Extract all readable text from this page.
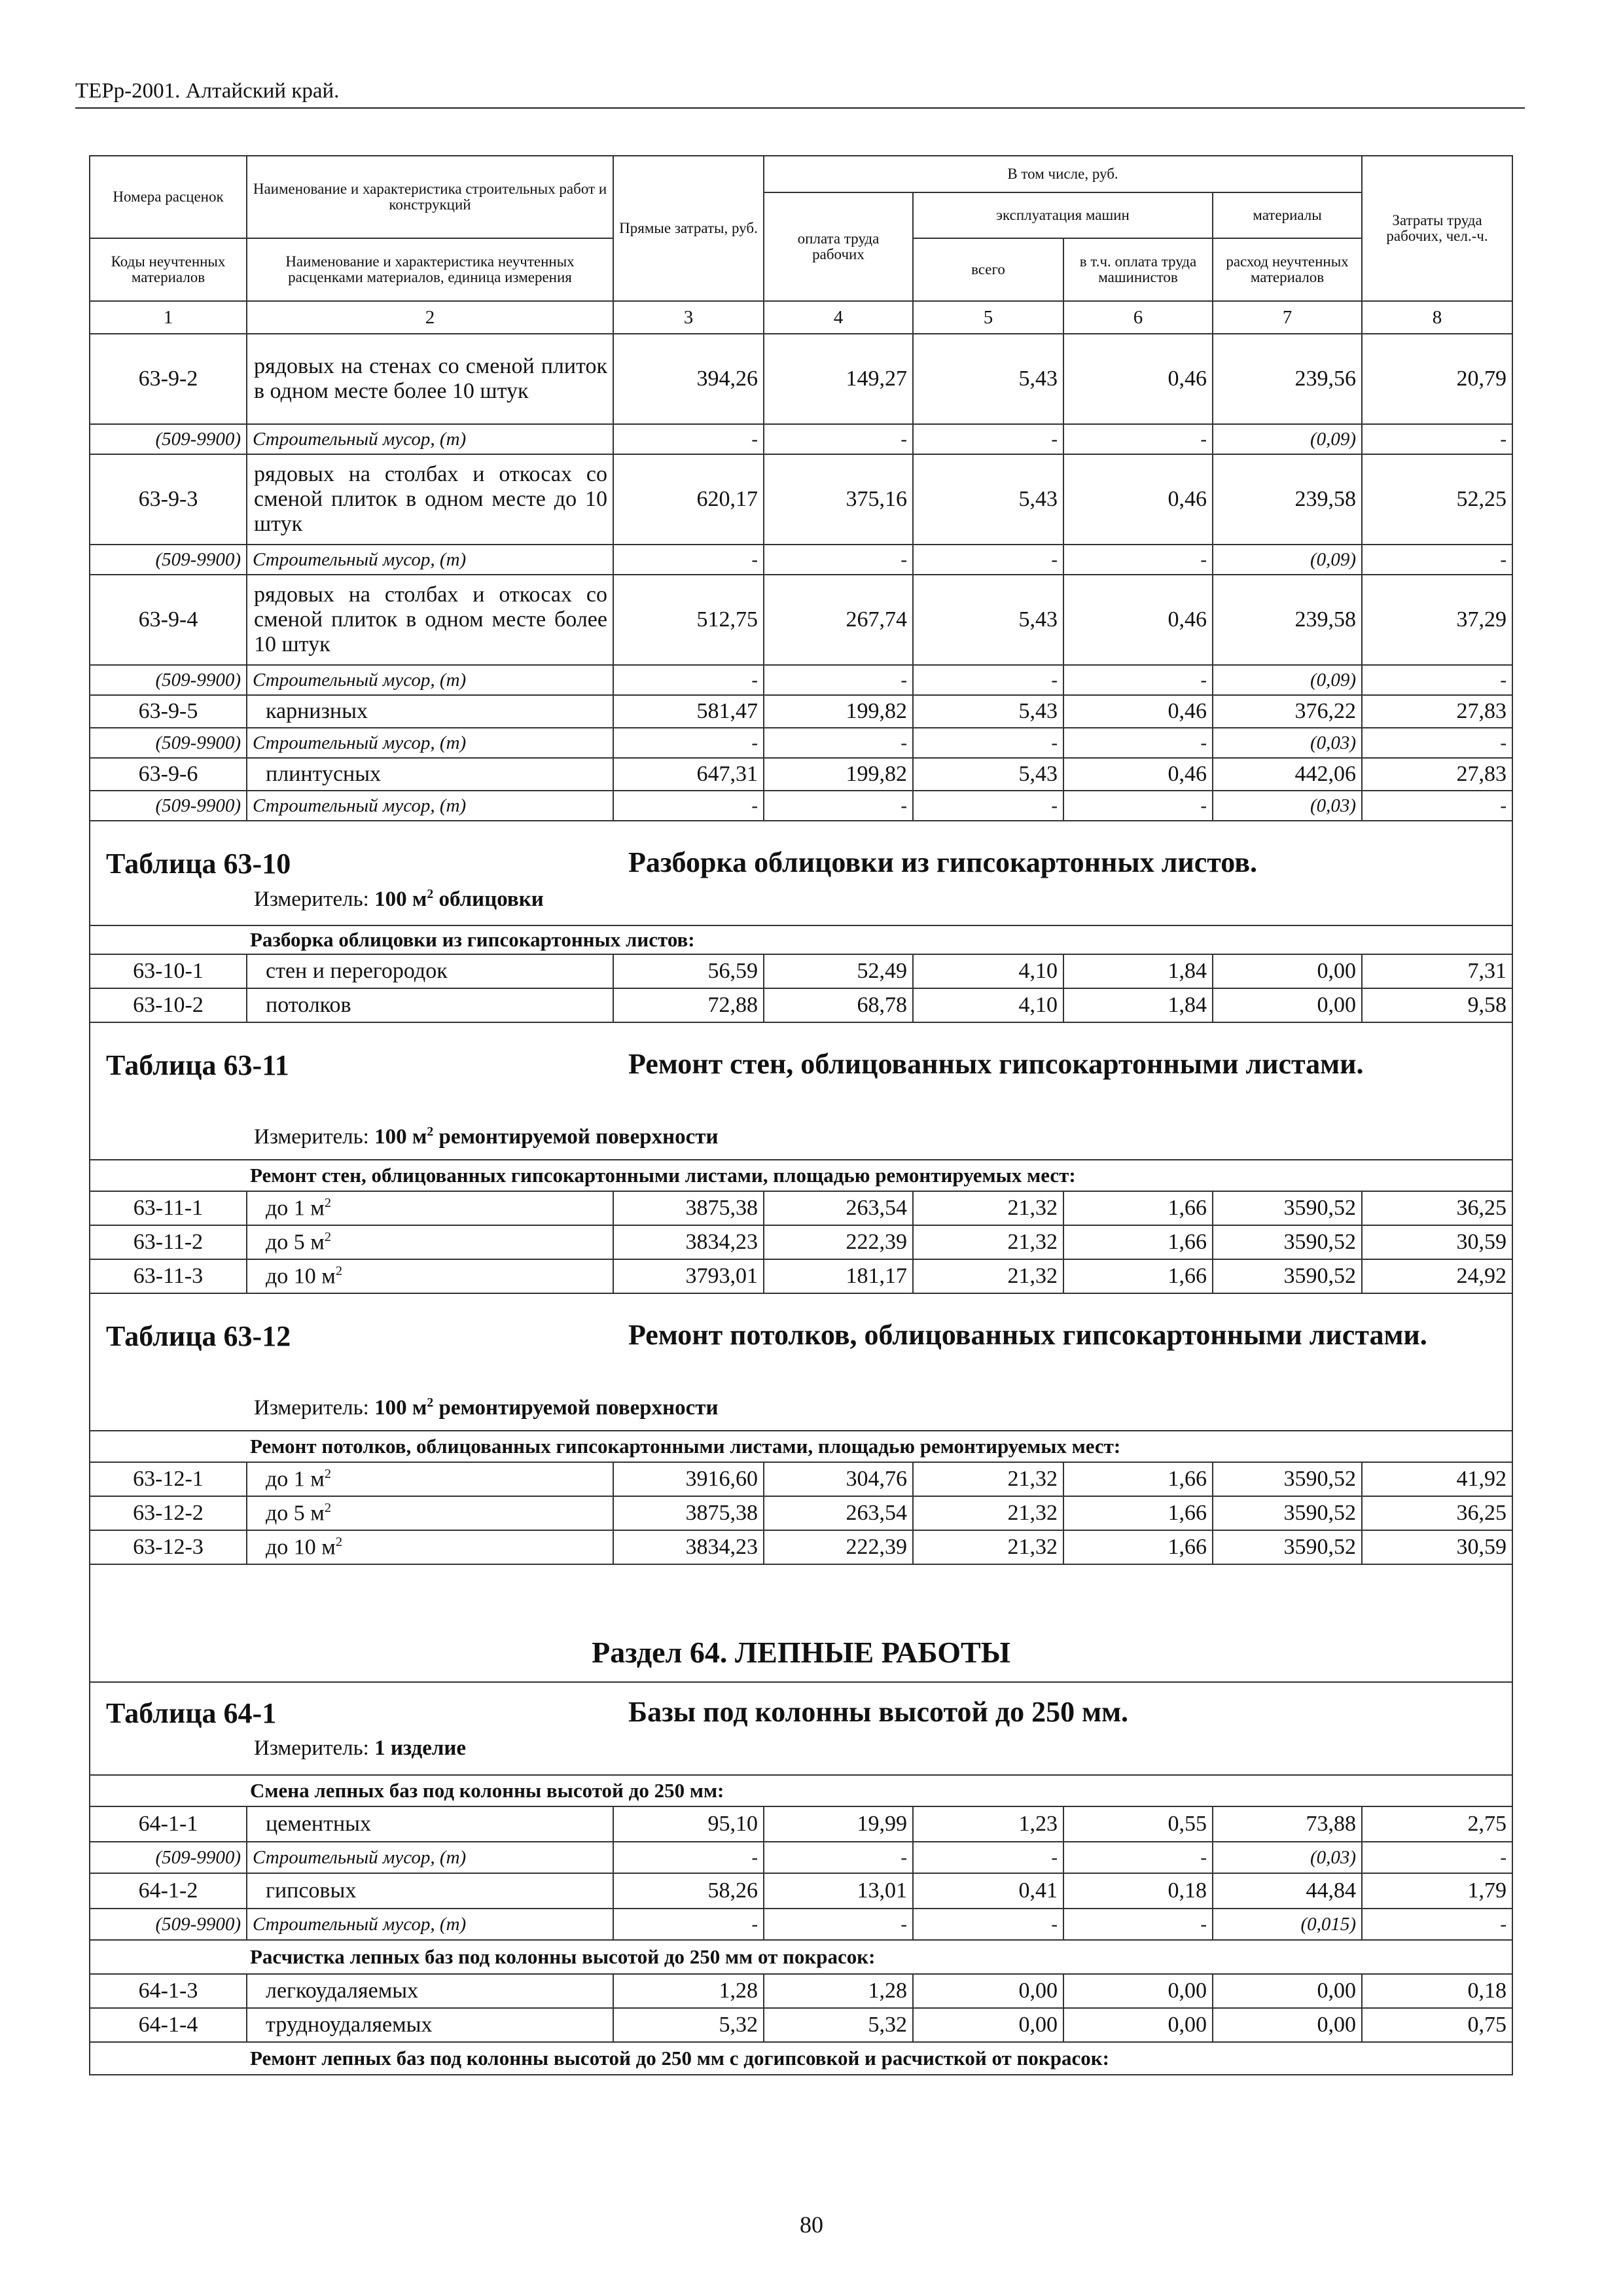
ТЕРр-2001. Алтайский край.
Номера расценок	Наименование и характеристика строительных работ и конструкций	Прямые затраты, руб.	В том числе, руб.				Затраты труда рабочих, чел.-ч.
			оплата труда рабочих	эксплуатация машин		материалы	
Коды неучтенных материалов	Наименование и характеристика неучтенных расценками материалов, единица измерения			всего	в т.ч. оплата труда машинистов	расход неучтенных материалов	
1	2	3	4	5	6	7	8
63-9-2	рядовых на стенах со сменой плиток в одном месте более 10 штук	394,26	149,27	5,43	0,46	239,56	20,79
(509-9900)	Строительный мусор, (т)	-	-	-	-	(0,09)	-
63-9-3	рядовых на столбах и откосах со сменой плиток в одном месте до 10 штук	620,17	375,16	5,43	0,46	239,58	52,25
(509-9900)	Строительный мусор, (т)	-	-	-	-	(0,09)	-
63-9-4	рядовых на столбах и откосах со сменой плиток в одном месте более 10 штук	512,75	267,74	5,43	0,46	239,58	37,29
(509-9900)	Строительный мусор, (т)	-	-	-	-	(0,09)	-
63-9-5	карнизных	581,47	199,82	5,43	0,46	376,22	27,83
(509-9900)	Строительный мусор, (т)	-	-	-	-	(0,03)	-
63-9-6	плинтусных	647,31	199,82	5,43	0,46	442,06	27,83
(509-9900)	Строительный мусор, (т)	-	-	-	-	(0,03)	-

Таблица 63-10 Разборка облицовки из гипсокартонных листов.
Измеритель: 100 $м^2$ облицовки							

Разборка облицовки из гипсокартонных листов:							
63-10-1	стен и перегородок	56,59	52,49	4,10	1,84	0,00	7,31
63-10-2	потолков	72,88	68,78	4,10	1,84	0,00	9,58

Таблица 63-11 Ремонт стен, облицованных гипсокартонными листами.
Измеритель: 100 $м^2$ ремонтируемой поверхности							

Ремонт стен, облицованных гипсокартонными листами, площадью ремонтируемых мест:							
63-11-1	до 1 $м^2$	3875,38	263,54	21,32	1,66	3590,52	36,25
63-11-2	до 5 $м^2$	3834,23	222,39	21,32	1,66	3590,52	30,59
63-11-3	до 10 $м^2$	3793,01	181,17	21,32	1,66	3590,52	24,92

Таблица 63-12 Ремонт потолков, облицованных гипсокартонными листами.
Измеритель: 100 $м^2$ ремонтируемой поверхности							

Ремонт потолков, облицованных гипсокартонными листами, площадью ремонтируемых мест:							
63-12-1	до 1 $м^2$	3916,60	304,76	21,32	1,66	3590,52	41,92
63-12-2	до 5 $м^2$	3875,38	263,54	21,32	1,66	3590,52	36,25
63-12-3	до 10 $м^2$	3834,23	222,39	21,32	1,66	3590,52	30,59
Раздел 64. ЛЕПНЫЕ РАБОТЫ							

Таблица 64-1 Базы под колонны высотой до 250 мм.
Измеритель: 1 изделие							

Смена лепных баз под колонны высотой до 250 мм:							
64-1-1	цементных	95,10	19,99	1,23	0,55	73,88	2,75
(509-9900)	Строительный мусор, (т)	-	-	-	-	(0,03)	-
64-1-2	гипсовых	58,26	13,01	0,41	0,18	44,84	1,79
(509-9900)	Строительный мусор, (т)	-	-	-	-	(0,015)	-
Расчистка лепных баз под колонны высотой до 250 мм от покрасок:							
64-1-3	легкоудаляемых	1,28	1,28	0,00	0,00	0,00	0,18
64-1-4	трудноудаляемых	5,32	5,32	0,00	0,00	0,00	0,75
Ремонт лепных баз под колонны высотой до 250 мм с догипсовкой и расчисткой от покрасок:							
80
